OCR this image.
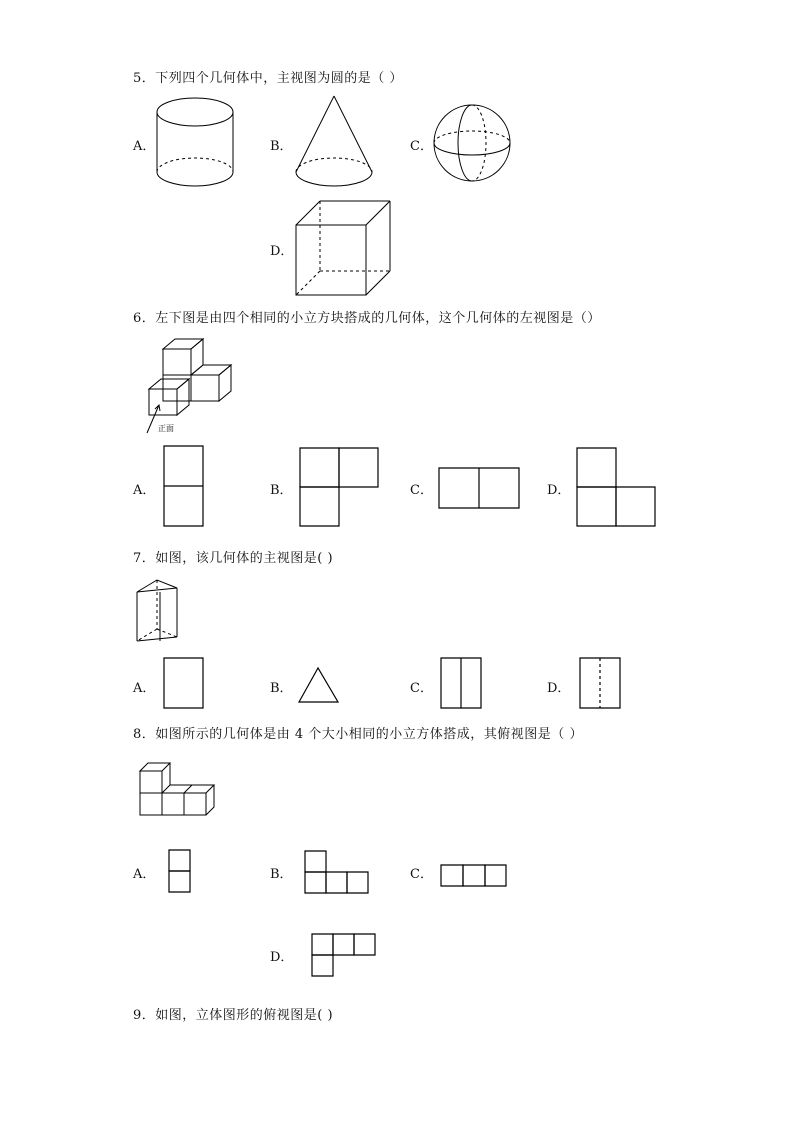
5．下列四个几何体中，主视图为圆的是（ ）
A．	B．	C．
D．
6．左下图是由四个相同的小立方块搭成的几何体，这个几何体的左视图是（）
正面
A．	B．	C．	D．
7．如图，该几何体的主视图是( )
A．	B．	C．	D．
8．如图所示的几何体是由 4 个大小相同的小立方体搭成，其俯视图是（ ）
A．	B．	C．
D．
9．如图，立体图形的俯视图是( )
